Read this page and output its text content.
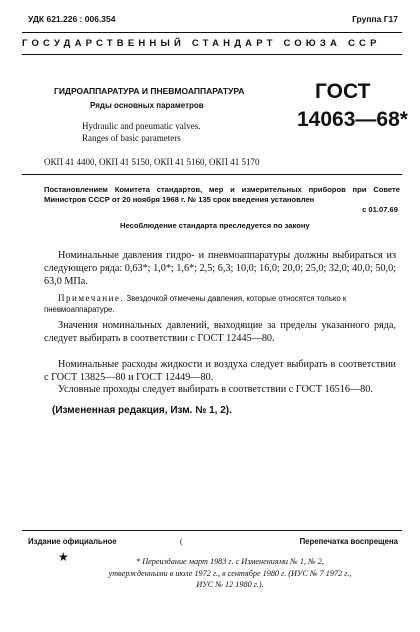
УДК 621.226 : 006.354	Группа Г17
ГОСУДАРСТВЕННЫЙ СТАНДАРТ СОЮЗА ССР
ГИДРОАППАРАТУРА И ПНЕВМОАППАРАТУРА
Ряды основных параметров
Hydraulic and pneumatic valves.
Ranges of basic parameters
ГОСТ
14063—68*
ОКП 41 4400, ОКП 41 5150, ОКП 41 5160, ОКП 41 5170
Постановлением Комитета стандартов, мер и измерительных приборов при Совете Министров СССР от 20 ноября 1968 г. № 135 срок введения установлен
с 01.07.69
Несоблюдение стандарта преследуется по закону
Номинальные давления гидро- и пневмоаппаратуры должны выбираться из следующего ряда: 0,63*; 1,0*; 1,6*; 2,5; 6,3; 10,0; 16,0; 20,0; 25,0; 32,0; 40,0; 50,0; 63,0 МПа.
Примечание. Звездочкой отмечены давления, которые относятся только к пневмоаппаратуре.
Значения номинальных давлений, выходящие за пределы указанного ряда, следует выбирать в соответствии с ГОСТ 12445—80.
Номинальные расходы жидкости и воздуха следует выбирать в соответствии с ГОСТ 13825—80 и ГОСТ 12449—80.
Условные проходы следует выбирать в соответствии с ГОСТ 16516—80.
(Измененная редакция, Изм. № 1, 2).
Издание официальное	(	Перепечатка воспрещена
★	* Переиздание март 1983 г. с Изменениями № 1, № 2,
утвержденными в июле 1972 г., в сентябре 1980 г. (ИУС № 7 1972 г.,
ИУС № 12 1980 г.).
